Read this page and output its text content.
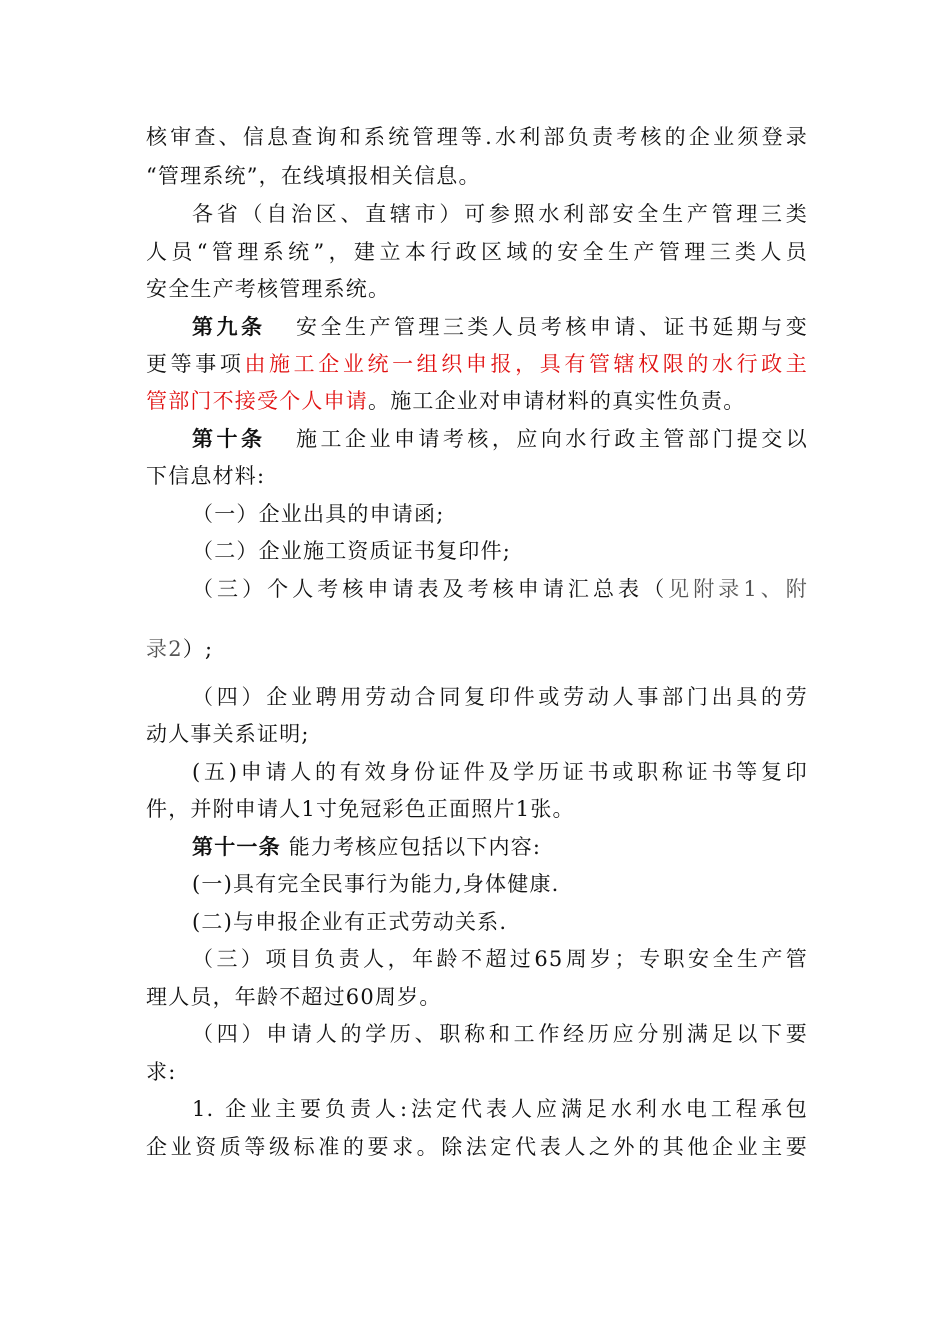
核审查、信息查询和系统管理等.水利部负责考核的企业须登录
“管理系统”，在线填报相关信息。
各省（自治区、直辖市）可参照水利部安全生产管理三类
人员“管理系统”，建立本行政区域的安全生产管理三类人员
安全生产考核管理系统。
第九条 安全生产管理三类人员考核申请、证书延期与变
更等事项由施工企业统一组织申报，具有管辖权限的水行政主
管部门不接受个人申请。施工企业对申请材料的真实性负责。
第十条 施工企业申请考核，应向水行政主管部门提交以
下信息材料:
（一）企业出具的申请函;
（二）企业施工资质证书复印件;
（三）个人考核申请表及考核申请汇总表（见附录1、附
录2）;
（四）企业聘用劳动合同复印件或劳动人事部门出具的劳
动人事关系证明;
(五)申请人的有效身份证件及学历证书或职称证书等复印
件，并附申请人1寸免冠彩色正面照片1张。
第十一条 能力考核应包括以下内容:
(一)具有完全民事行为能力,身体健康.
(二)与申报企业有正式劳动关系.
（三）项目负责人，年龄不超过65周岁；专职安全生产管
理人员，年龄不超过60周岁。
（四）申请人的学历、职称和工作经历应分别满足以下要
求:
1. 企业主要负责人:法定代表人应满足水利水电工程承包
企业资质等级标准的要求。除法定代表人之外的其他企业主要
